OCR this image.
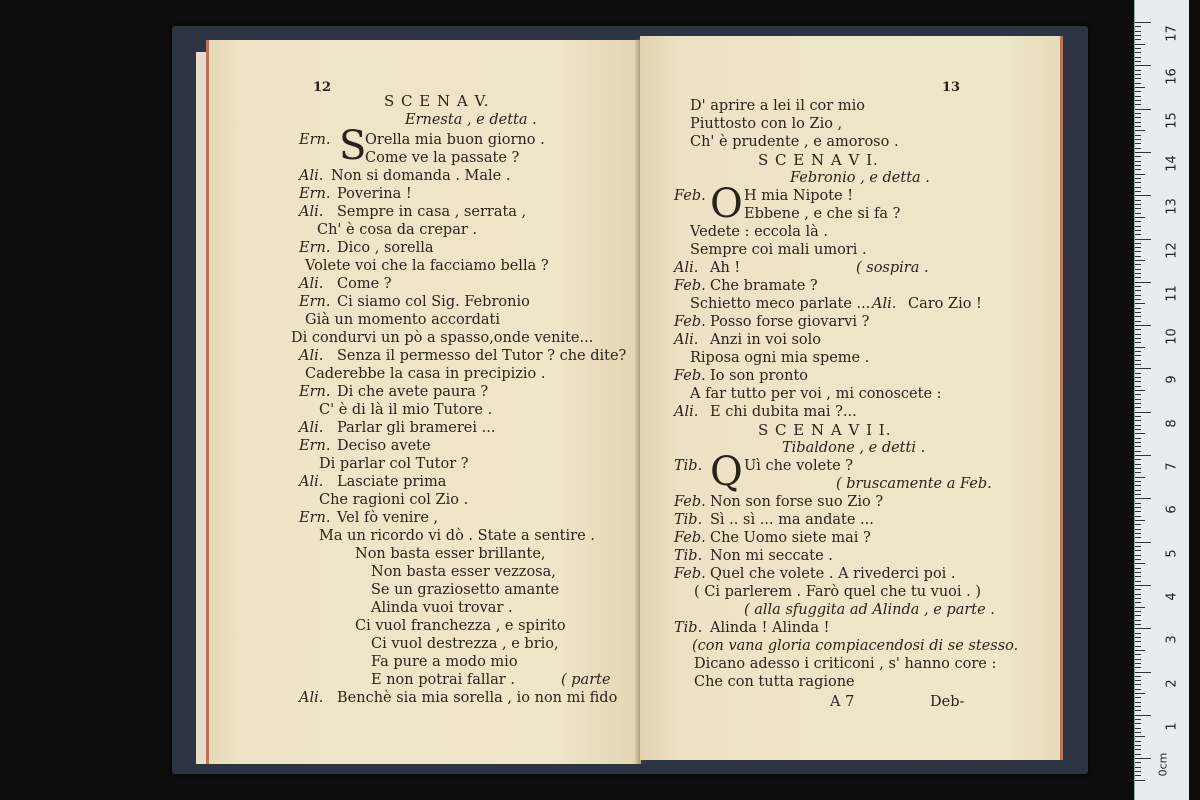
12
S C E N A V.
Ernesta , e detta .
Ern. S
Orella mia buon giorno .
Come ve la passate ?
Ali. Non si domanda . Male .
Ern. Poverina !
Ali. Sempre in casa , serrata ,
Ch' è cosa da crepar .
Ern. Dico , sorella
Volete voi che la facciamo bella ?
Ali. Come ?
Ern. Ci siamo col Sig. Febronio
Già un momento accordati
Di condurvi un pò a spasso,onde venite...
Ali. Senza il permesso del Tutor ? che dite?
Caderebbe la casa in precipizio .
Ern. Di che avete paura ?
C' è di là il mio Tutore .
Ali. Parlar gli bramerei ...
Ern. Deciso avete
Di parlar col Tutor ?
Ali. Lasciate prima
Che ragioni col Zio .
Ern. Vel fò venire ,
Ma un ricordo vi dò . State a sentire .
Non basta esser brillante,
Non basta esser vezzosa,
Se un graziosetto amante
Alinda vuoi trovar .
Ci vuol franchezza , e spirito
Ci vuol destrezza , e brio,
Fa pure a modo mio
E non potrai fallar .	( parte
Ali. Benchè sia mia sorella , io non mi fido
13
D' aprire a lei il cor mio
Piuttosto con lo Zio ,
Ch' è prudente , e amoroso .
S C E N A V I.
Febronio , e detta .
Feb. O H mia Nipote !
Ebbene , e che si fa ?
Vedete : eccola là .
Sempre coi mali umori .
Ali. Ah !	( sospira .
Feb. Che bramate ?
Schietto meco parlate ... Ali. Caro Zio !
Feb. Posso forse giovarvi ?
Ali. Anzi in voi solo
Riposa ogni mia speme .
Feb. Io son pronto
A far tutto per voi , mi conoscete :
Ali. E chi dubita mai ?...
S C E N A V I I.
Tibaldone , e detti .
Tib. Q Uì che volete ?
( bruscamente a Feb.
Feb. Non son forse suo Zio ?
Tib. Sì .. sì ... ma andate ...
Feb. Che Uomo siete mai ?
Tib. Non mi seccate .
Feb. Quel che volete . A rivederci poi .
( Ci parlerem . Farò quel che tu vuoi . )
( alla sfuggita ad Alinda , e parte .
Tib. Alinda ! Alinda !
(con vana gloria compiacendosi di se stesso.
Dicano adesso i criticoni , s' hanno core :
Che con tutta ragione
A 7	Deb-
0cm
17
16
15
14
13
12
11
10
9
8
7
6
5
4
3
2
1
